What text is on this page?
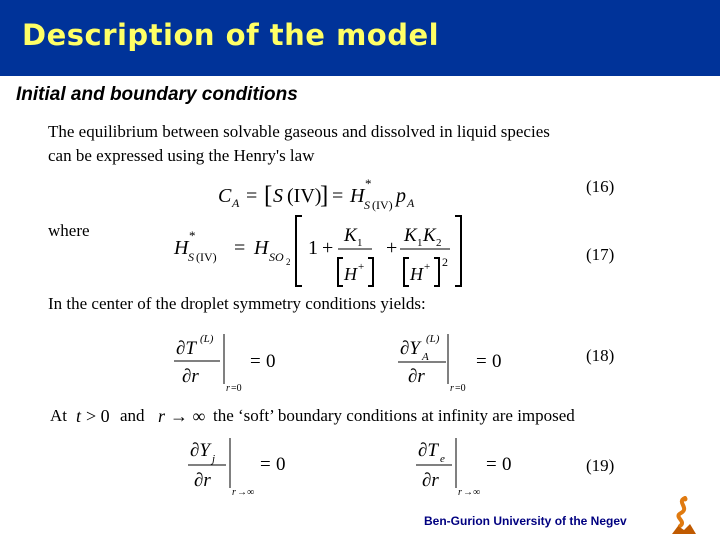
Description of the model
Initial and boundary conditions
The equilibrium between solvable gaseous and dissolved in liquid species
can be expressed using the Henry's law
C A = [ S (IV)
] = H
*
S (IV) p A
(16)
where
H
*
S (IV) = H SO 2
1 +
K 1 +
K 1 K 2
H +	H + 2	(17)
In the center of the droplet symmetry conditions yields:
∂T (L)
∂r
r =0
= 0
∂Y (L)
A
∂r
r =0
= 0	(18)
At t > 0 and r → ∞ the ‘soft’ boundary conditions at infinity are imposed
∂Y j
∂r
r →∞
= 0
∂T e
∂r
r →∞
= 0	(19)
Ben-Gurion University of the Negev
